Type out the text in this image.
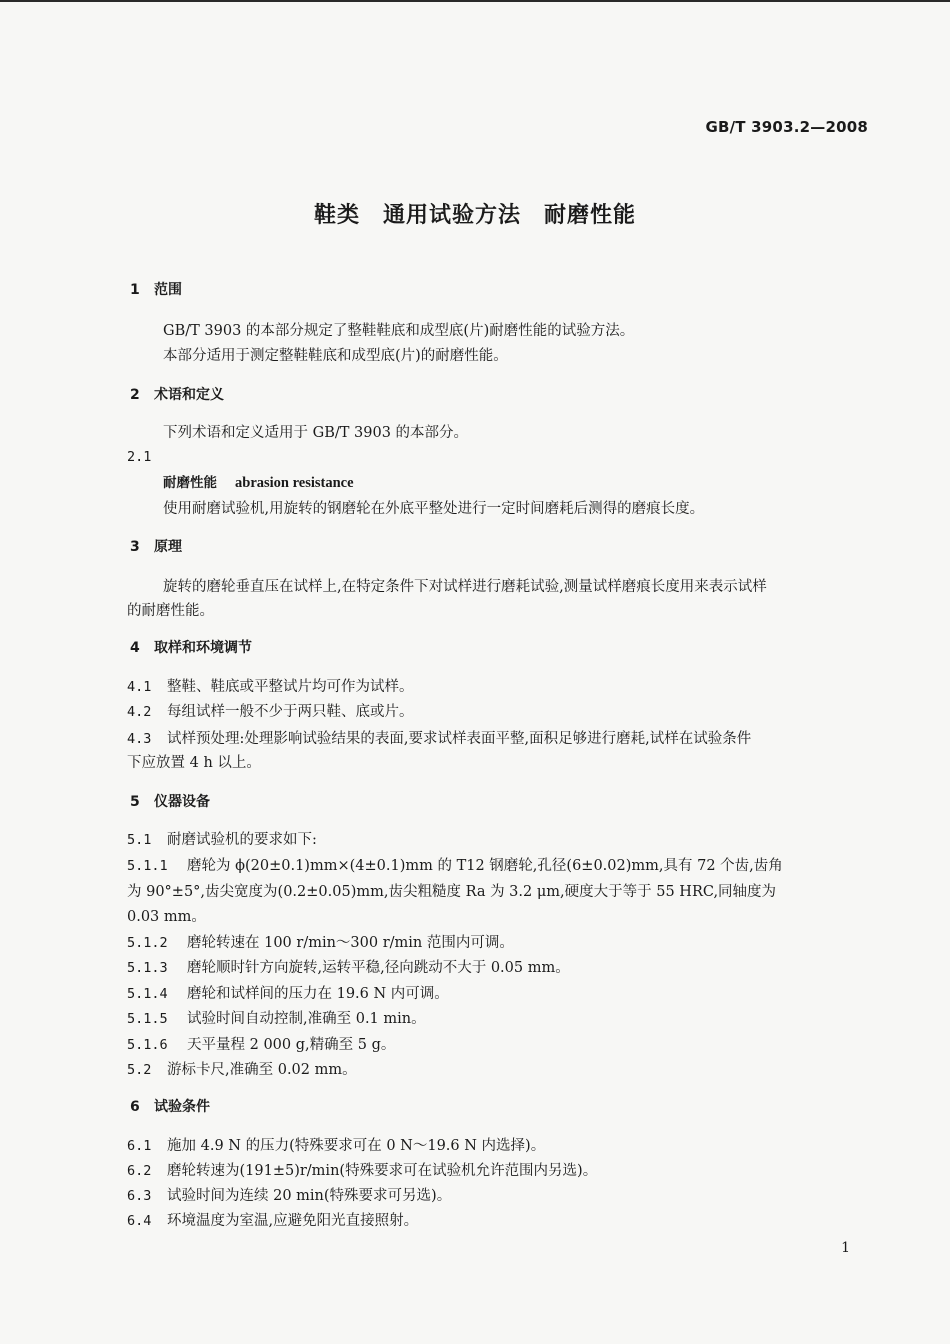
GB/T 3903.2—2008
鞋类　通用试验方法　耐磨性能
1 范围
GB/T 3903 的本部分规定了整鞋鞋底和成型底(片)耐磨性能的试验方法。
本部分适用于测定整鞋鞋底和成型底(片)的耐磨性能。
2 术语和定义
下列术语和定义适用于 GB/T 3903 的本部分。
2.1
耐磨性能 abrasion resistance
使用耐磨试验机,用旋转的钢磨轮在外底平整处进行一定时间磨耗后测得的磨痕长度。
3 原理
旋转的磨轮垂直压在试样上,在特定条件下对试样进行磨耗试验,测量试样磨痕长度用来表示试样
的耐磨性能。
4 取样和环境调节
4.1 整鞋、鞋底或平整试片均可作为试样。
4.2 每组试样一般不少于两只鞋、底或片。
4.3 试样预处理:处理影响试验结果的表面,要求试样表面平整,面积足够进行磨耗,试样在试验条件
下应放置 4 h 以上。
5 仪器设备
5.1 耐磨试验机的要求如下:
5.1.1 磨轮为 ϕ(20±0.1)mm×(4±0.1)mm 的 T12 钢磨轮,孔径(6±0.02)mm,具有 72 个齿,齿角
为 90°±5°,齿尖宽度为(0.2±0.05)mm,齿尖粗糙度 Ra 为 3.2 μm,硬度大于等于 55 HRC,同轴度为
0.03 mm。
5.1.2 磨轮转速在 100 r/min～300 r/min 范围内可调。
5.1.3 磨轮顺时针方向旋转,运转平稳,径向跳动不大于 0.05 mm。
5.1.4 磨轮和试样间的压力在 19.6 N 内可调。
5.1.5 试验时间自动控制,准确至 0.1 min。
5.1.6 天平量程 2 000 g,精确至 5 g。
5.2 游标卡尺,准确至 0.02 mm。
6 试验条件
6.1 施加 4.9 N 的压力(特殊要求可在 0 N～19.6 N 内选择)。
6.2 磨轮转速为(191±5)r/min(特殊要求可在试验机允许范围内另选)。
6.3 试验时间为连续 20 min(特殊要求可另选)。
6.4 环境温度为室温,应避免阳光直接照射。
1
